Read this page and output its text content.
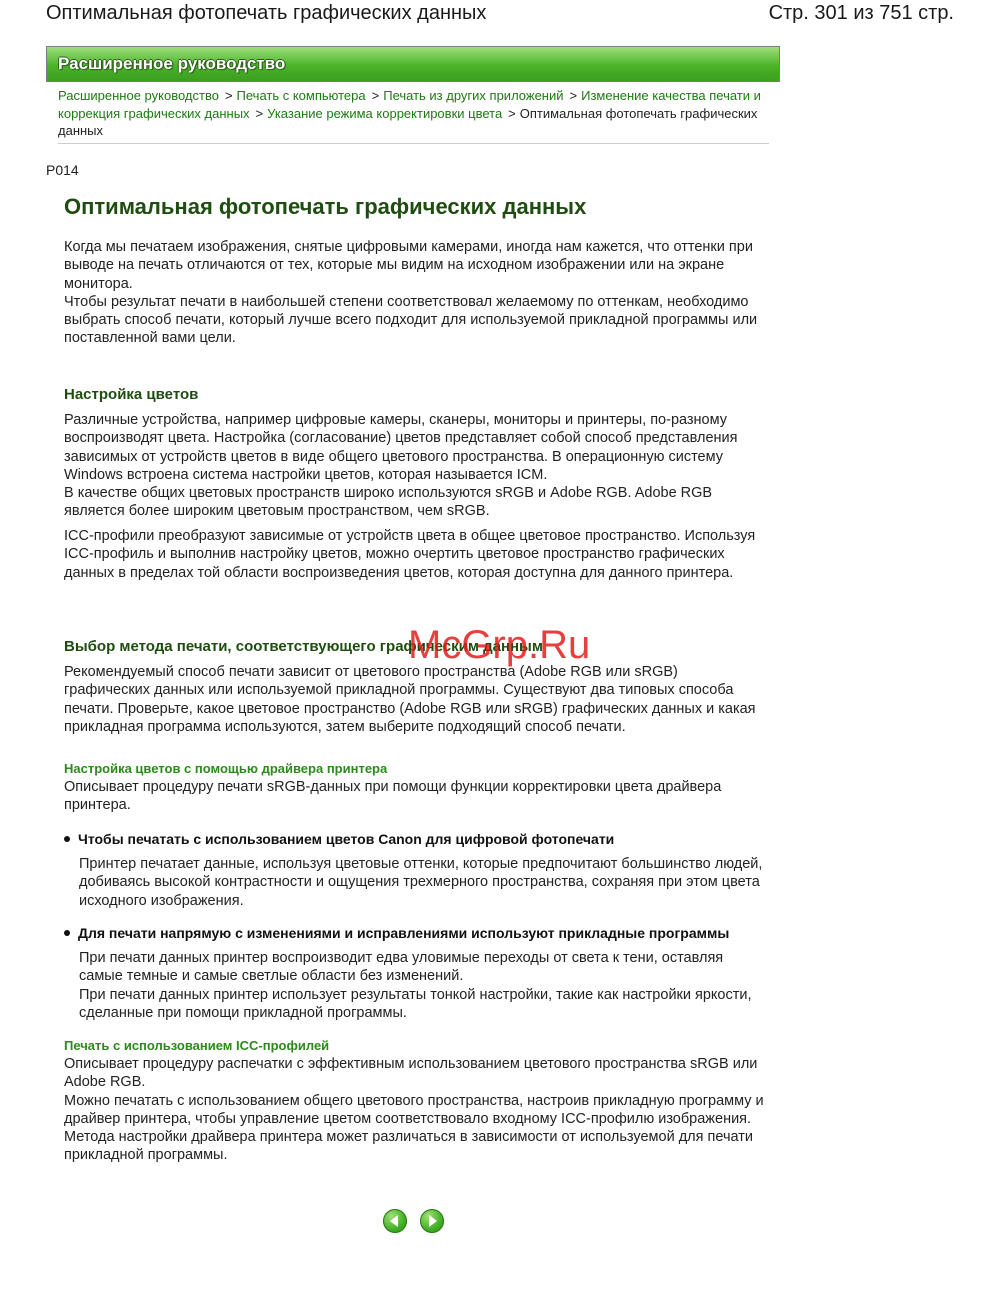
Оптимальная фотопечать графических данных	Стр. 301 из 751 стр.
Расширенное руководство
Расширенное руководство > Печать с компьютера > Печать из других приложений > Изменение качества печати и коррекция графических данных > Указание режима корректировки цвета > Оптимальная фотопечать графических данных
P014
Оптимальная фотопечать графических данных

Когда мы печатаем изображения, снятые цифровыми камерами, иногда нам кажется, что оттенки при выводе на печать отличаются от тех, которые мы видим на исходном изображении или на экране монитора.

Чтобы результат печати в наибольшей степени соответствовал желаемому по оттенкам, необходимо выбрать способ печати, который лучше всего подходит для используемой прикладной программы или поставленной вами цели.

Настройка цветов

Различные устройства, например цифровые камеры, сканеры, мониторы и принтеры, по-разному воспроизводят цвета. Настройка (согласование) цветов представляет собой способ представления зависимых от устройств цветов в виде общего цветового пространства. В операционную систему Windows встроена система настройки цветов, которая называется ICM.

В качестве общих цветовых пространств широко используются sRGB и Adobe RGB. Adobe RGB является более широким цветовым пространством, чем sRGB.

ICC-профили преобразуют зависимые от устройств цвета в общее цветовое пространство. Используя ICC-профиль и выполнив настройку цветов, можно очертить цветовое пространство графических данных в пределах той области воспроизведения цветов, которая доступна для данного принтера.

Выбор метода печати, соответствующего графическим данным

Рекомендуемый способ печати зависит от цветового пространства (Adobe RGB или sRGB) графических данных или используемой прикладной программы. Существуют два типовых способа печати. Проверьте, какое цветовое пространство (Adobe RGB или sRGB) графических данных и какая прикладная программа используются, затем выберите подходящий способ печати.

Настройка цветов с помощью драйвера принтера

Описывает процедуру печати sRGB-данных при помощи функции корректировки цвета драйвера принтера.

Чтобы печатать с использованием цветов Canon для цифровой фотопечати

Принтер печатает данные, используя цветовые оттенки, которые предпочитают большинство людей, добиваясь высокой контрастности и ощущения трехмерного пространства, сохраняя при этом цвета исходного изображения.

Для печати напрямую с изменениями и исправлениями используют прикладные программы

При печати данных принтер воспроизводит едва уловимые переходы от света к тени, оставляя самые темные и самые светлые области без изменений.

При печати данных принтер использует результаты тонкой настройки, такие как настройки яркости, сделанные при помощи прикладной программы.

Печать с использованием ICC-профилей

Описывает процедуру распечатки с эффективным использованием цветового пространства sRGB или Adobe RGB.

Можно печатать с использованием общего цветового пространства, настроив прикладную программу и драйвер принтера, чтобы управление цветом соответствовало входному ICC-профилю изображения.

Метода настройки драйвера принтера может различаться в зависимости от используемой для печати прикладной программы.

McGrp.Ru
